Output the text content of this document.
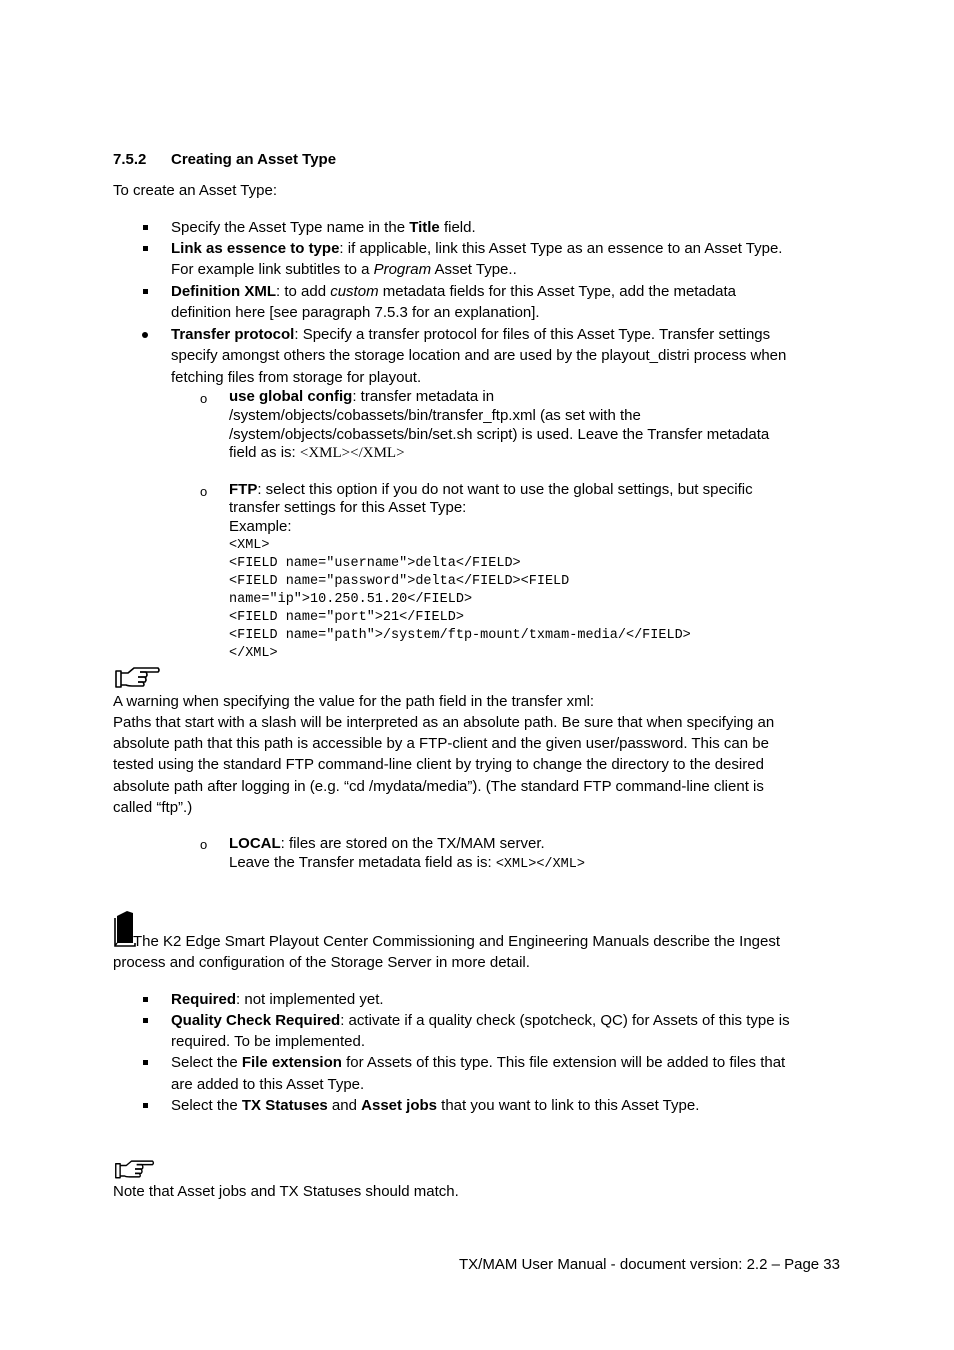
7.5.2 Creating an Asset Type
To create an Asset Type:
Specify the Asset Type name in the Title field.
Link as essence to type: if applicable, link this Asset Type as an essence to an Asset Type.
For example link subtitles to a Program Asset Type..
Definition XML: to add custom metadata fields for this Asset Type, add the metadata
definition here [see paragraph 7.5.3 for an explanation].
Transfer protocol: Specify a transfer protocol for files of this Asset Type. Transfer settings
specify amongst others the storage location and are used by the playout_distri process when
fetching files from storage for playout.
o use global config: transfer metadata in
/system/objects/cobassets/bin/transfer_ftp.xml (as set with the
/system/objects/cobassets/bin/set.sh script) is used. Leave the Transfer metadata
field as is: <XML></XML>
o FTP: select this option if you do not want to use the global settings, but specific
transfer settings for this Asset Type:
Example:
<XML>
<FIELD name="username">delta</FIELD>
<FIELD name="password">delta</FIELD><FIELD
name="ip">10.250.51.20</FIELD>
<FIELD name="port">21</FIELD>
<FIELD name="path">/system/ftp-mount/txmam-media/</FIELD>
</XML>
A warning when specifying the value for the path field in the transfer xml:
Paths that start with a slash will be interpreted as an absolute path. Be sure that when specifying an
absolute path that this path is accessible by a FTP-client and the given user/password. This can be
tested using the standard FTP command-line client by trying to change the directory to the desired
absolute path after logging in (e.g. “cd /mydata/media”). (The standard FTP command-line client is
called “ftp”.)
o LOCAL: files are stored on the TX/MAM server.
Leave the Transfer metadata field as is: <XML></XML>
The K2 Edge Smart Playout Center Commissioning and Engineering Manuals describe the Ingest
process and configuration of the Storage Server in more detail.
Required: not implemented yet.
Quality Check Required: activate if a quality check (spotcheck, QC) for Assets of this type is
required. To be implemented.
Select the File extension for Assets of this type. This file extension will be added to files that
are added to this Asset Type.
Select the TX Statuses and Asset jobs that you want to link to this Asset Type.
Note that Asset jobs and TX Statuses should match.
TX/MAM User Manual - document version: 2.2 – Page 33
